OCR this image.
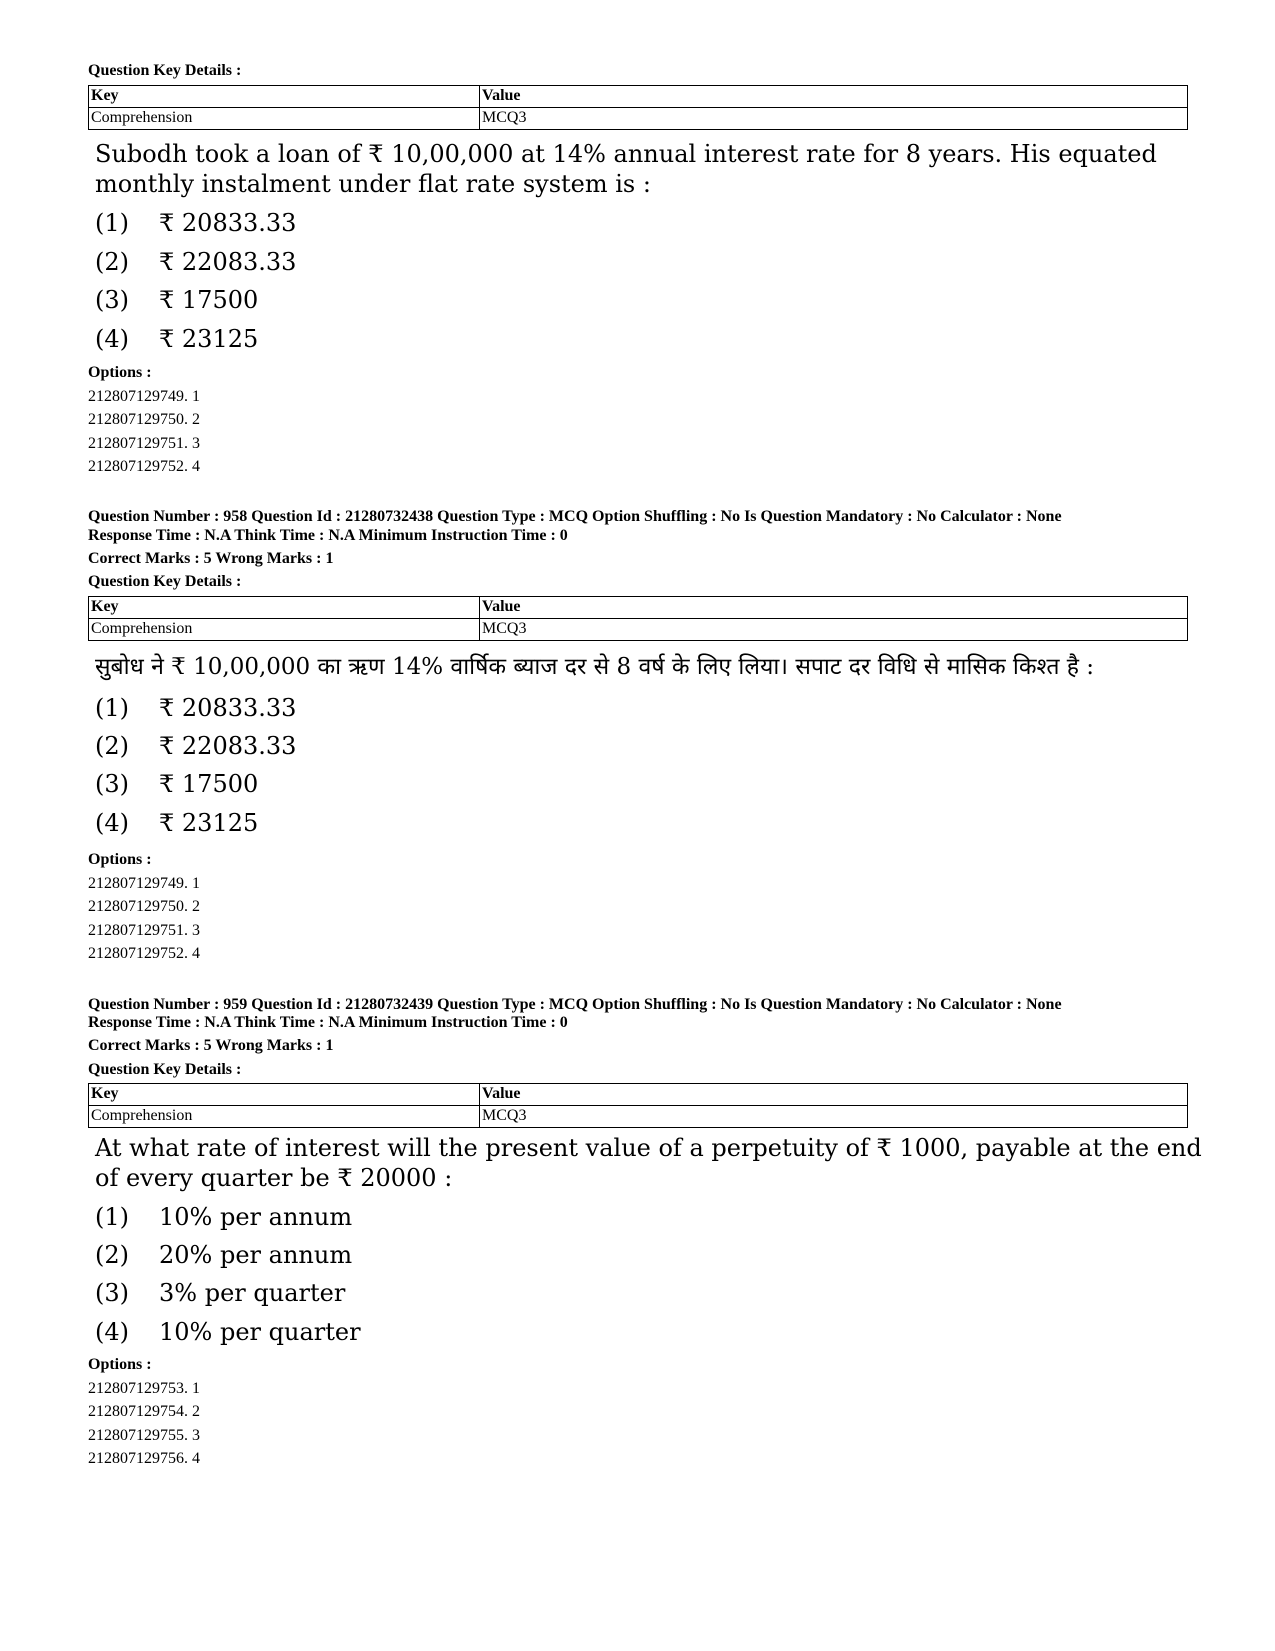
Question Key Details :
Key	Value
Comprehension	MCQ3
Subodh took a loan of ₹ 10,00,000 at 14% annual interest rate for 8 years. His equated monthly instalment under flat rate system is :
(1) ₹ 20833.33
(2) ₹ 22083.33
(3) ₹ 17500
(4) ₹ 23125
Options :
212807129749. 1
212807129750. 2
212807129751. 3
212807129752. 4
Question Number : 958 Question Id : 21280732438 Question Type : MCQ Option Shuffling : No Is Question Mandatory : No Calculator : None
Response Time : N.A Think Time : N.A Minimum Instruction Time : 0
Correct Marks : 5 Wrong Marks : 1
Question Key Details :
Key	Value
Comprehension	MCQ3
सुबोध ने ₹ 10,00,000 का ऋण 14% वार्षिक ब्याज दर से 8 वर्ष के लिए लिया। सपाट दर विधि से मासिक किश्त है :
(1) ₹ 20833.33
(2) ₹ 22083.33
(3) ₹ 17500
(4) ₹ 23125
Options :
212807129749. 1
212807129750. 2
212807129751. 3
212807129752. 4
Question Number : 959 Question Id : 21280732439 Question Type : MCQ Option Shuffling : No Is Question Mandatory : No Calculator : None
Response Time : N.A Think Time : N.A Minimum Instruction Time : 0
Correct Marks : 5 Wrong Marks : 1
Question Key Details :
Key	Value
Comprehension	MCQ3
At what rate of interest will the present value of a perpetuity of ₹ 1000, payable at the end of every quarter be ₹ 20000 :
(1) 10% per annum
(2) 20% per annum
(3) 3% per quarter
(4) 10% per quarter
Options :
212807129753. 1
212807129754. 2
212807129755. 3
212807129756. 4
